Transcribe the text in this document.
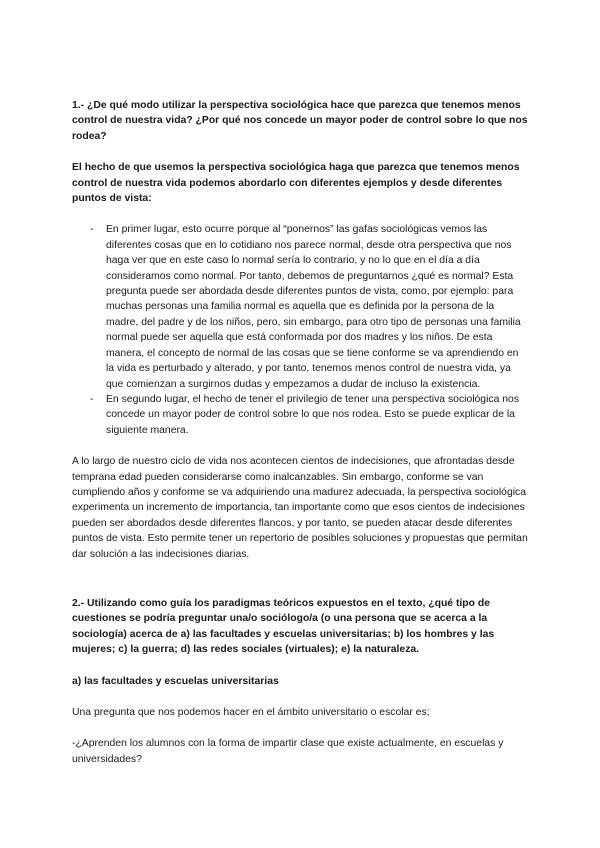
1.- ¿De qué modo utilizar la perspectiva sociológica hace que parezca que tenemos menos control de nuestra vida? ¿Por qué nos concede un mayor poder de control sobre lo que nos rodea?

El hecho de que usemos la perspectiva sociológica haga que parezca que tenemos menos control de nuestra vida podemos abordarlo con diferentes ejemplos y desde diferentes puntos de vista:

- En primer lugar, esto ocurre porque al “ponernos” las gafas sociológicas vemos las diferentes cosas que en lo cotidiano nos parece normal, desde otra perspectiva que nos haga ver que en este caso lo normal sería lo contrario, y no lo que en el día a día consideramos como normal. Por tanto, debemos de preguntarnos ¿qué es normal? Esta pregunta puede ser abordada desde diferentes puntos de vista, como, por ejemplo: para muchas personas una familia normal es aquella que es definida por la persona de la madre, del padre y de los niños, pero, sin embargo, para otro tipo de personas una familia normal puede ser aquella que está conformada por dos madres y los niños. De esta manera, el concepto de normal de las cosas que se tiene conforme se va aprendiendo en la vida es perturbado y alterado, y por tanto, tenemos menos control de nuestra vida, ya que comienzan a surgirnos dudas y empezamos a dudar de incluso la existencia.
- En segundo lugar, el hecho de tener el privilegio de tener una perspectiva sociológica nos concede un mayor poder de control sobre lo que nos rodea. Esto se puede explicar de la siguiente manera.

A lo largo de nuestro ciclo de vida nos acontecen cientos de indecisiones, que afrontadas desde temprana edad pueden considerarse como inalcanzables. Sin embargo, conforme se van cumpliendo años y conforme se va adquiriendo una madurez adecuada, la perspectiva sociológica experimenta un incremento de importancia, tan importante como que esos cientos de indecisiones pueden ser abordados desde diferentes flancos, y por tanto, se pueden atacar desde diferentes puntos de vista. Esto permite tener un repertorio de posibles soluciones y propuestas que permitan dar solución a las indecisiones diarias.

2.- Utilizando como guía los paradigmas teóricos expuestos en el texto, ¿qué tipo de cuestiones se podría preguntar una/o sociólogo/a (o una persona que se acerca a la sociología) acerca de a) las facultades y escuelas universitarias; b) los hombres y las mujeres; c) la guerra; d) las redes sociales (virtuales); e) la naturaleza.

a) las facultades y escuelas universitarias

Una pregunta que nos podemos hacer en el ámbito universitario o escolar es;

-¿Aprenden los alumnos con la forma de impartir clase que existe actualmente, en escuelas y universidades?
